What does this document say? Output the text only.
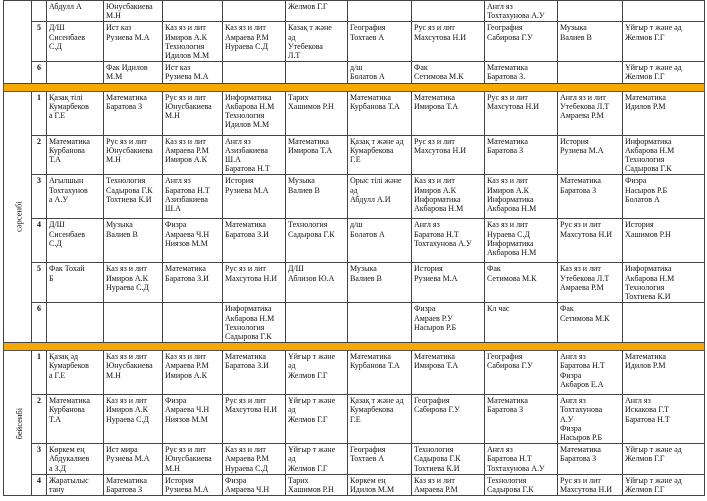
		Абдулл А	Юнусбакиева
М.Н			Желмов Г.Г			Англ яз
Тохтахунова А.У		
	5	Д/Ш
Сисенбаев
С.Д	Ист каз
Рузиева М.А	Каз яз и лит
Имиров А.К
Технология
Идилов М.М	Каз яз и лит
Амраева Р.М
Нураева С.Д	Казақ т және
әд
Утебекова
Л.Т	География
Тохтаев А	Рус яз и лит
Махсутова Н.И	География
Сабирова Г.У	Музыка
Валиев В	Ұйғыр т және әд
Желмов Г.Г
	6		Фак Идилов
М.М	Ист каз
Рузиева М.А			д/ш
Болатов А	Фак
Сетимова М.К	Математика
Баратова З.		Ұйғыр т және әд
Желмов Г.Г

сәрсенбі	1	Қазақ тілі
Кумарбеков
а Г.Е	Математика
Баратова З	Рус яз и лит
Юнусбакиева
М.Н	Информатика
Акбарова Н.М
Технология
Идилов М.М	Тарих
Хашимов Р.Н	Математика
Курбанова Т.А	Математика
Имирова Т.А	Рус яз и лит
Махсутова Н.И	Англ яз и лит
Утебекова Л.Т
Амраева Р.М	Математика
Идилов Р.М
	2	Математика
Курбанова
Т.А	Рус яз и лит
Юнусбакиева
М.Н	Каз яз и лит
Амраева Р.М
Имиров А.К	Англ яз
Азизбакиева
Ш.А
Баратова Н.Т	Математика
Имирова Т.А	Қазақ т және әд
Кумарбекова
Г.Е	Рус яз и лит
Махсутова Н.И	Математика
Баратова З	История
Рузиева М.А	Информатика
Акбарова Н.М
Технология
Садырова Г.К
	3	Ағылшын
Тохтахунов
а А.У	Технология
Садырова Г.К
Тохтиева К.И	Англ яз
Баратова Н.Т
Азизбакиева
Ш.А	История
Рузиева М.А	Музыка
Валиев В	Орыс тілі және
әд
Абдулл А.И	Каз яз и лит
Имиров А.К
Информатика
Акбарова Н.М	Каз яз и лит
Имиров А.К
Информатика
Акбарова Н.М	Математика
Баратова З	Физра
Насыров Р.Б
Болатов А
	4	Д/Ш
Сисенбаев
С.Д	Музыка
Валиев В	Физра
Амраева Ч.Н
Ниязов М.М	Математика
Баратова З.И	Технология
Садырова Г.К	д/ш
Болатов А	Англ яз
Баратова Н.Т
Тохтахунова А.У	Каз яз и лит
Нураева С.Д
Информатика
Акбарова Н.М	Рус яз и лит
Махсутова Н.И	История
Хашимов Р.Н
	5	Фак Тохай
Б	Каз яз и лит
Имиров А.К
Нураева С.Д	Математика
Баратова З.И	Рус яз и лит
Махсутова Н.И	Д/Ш
Аблизов Ю.А	Музыка
Валиев В	История
Рузиева М.А	Фак
Сетимова М.К	Каз яз и лит
Утебекова Л.Т
Амраева Р.М	Информатика
Акбарова Н.М
Технология
Тохтиева К.И
	6				Информатика
Акбарова Н.М
Технология
Садырова Г.К			Физра
Амраев Р.У
Насыров Р.Б	Кл час	Фак
Сетимова М.К	

бейсенбі	1	Қазақ әд
Кумарбеков
а Г.Е	Каз яз и лит
Юнусбакиева
М.Н	Каз яз и лит
Амраева Р.М
Имиров А.К	Математика
Баратова З.И	Ұйғыр т және
әд
Желмов Г.Г	Математика
Курбанова Т.А	Математика
Имирова Т.А	География
Сабирова Г.У	Англ яз
Баратова Н.Т
Физра
Акбаров Е.А	Математика
Идилов Р.М
	2	Математика
Курбанова
Т.А	Каз яз и лит
Имиров А.К
Нураева С.Д	Физра
Амраева Ч.Н
Ниязов М.М	Рус яз и лит
Махсутова Н.И	Ұйғыр т және
әд
Желмов Г.Г	Қазақ т және әд
Кумарбекова
Г.Е	География
Сабирова Г.У	Математика
Баратова З	Англ яз
Тохтахунова
А.У
Физра
Насыров Р.Б	Англ яз
Искакова Г.Т
Баратова Н.Т
	3	Көркем ең
Абдукалиев
а З.Д	Ист мира
Рузиева М.А	Рус яз и лит
Юнусбакиева
М.Н	Каз яз и лит
Амраева Р.М
Нураева С.Д	Ұйғыр т және
әд
Желмов Г.Г	География
Тохтаев А	Технология
Садырова Г.К
Тохтиева К.И	Англ яз
Баратова Н.Т
Тохтахунова А.У	Математика
Баратова З	Ұйғыр т және әд
Желмов Г.Г
	4	Жаратылыс
тану	Математика
Баратова З	История
Рузиева М.А	Физра
Амраева Ч.Н	Тарих
Хашимов Р.Н	Көркем ең
Идилов М.М	Каз яз и лит
Амраева Р.М	Технология
Садырова Г.К	Рус яз и лит
Махсутова Н.И	Ұйғыр т және әд
Желмов Г.Г
